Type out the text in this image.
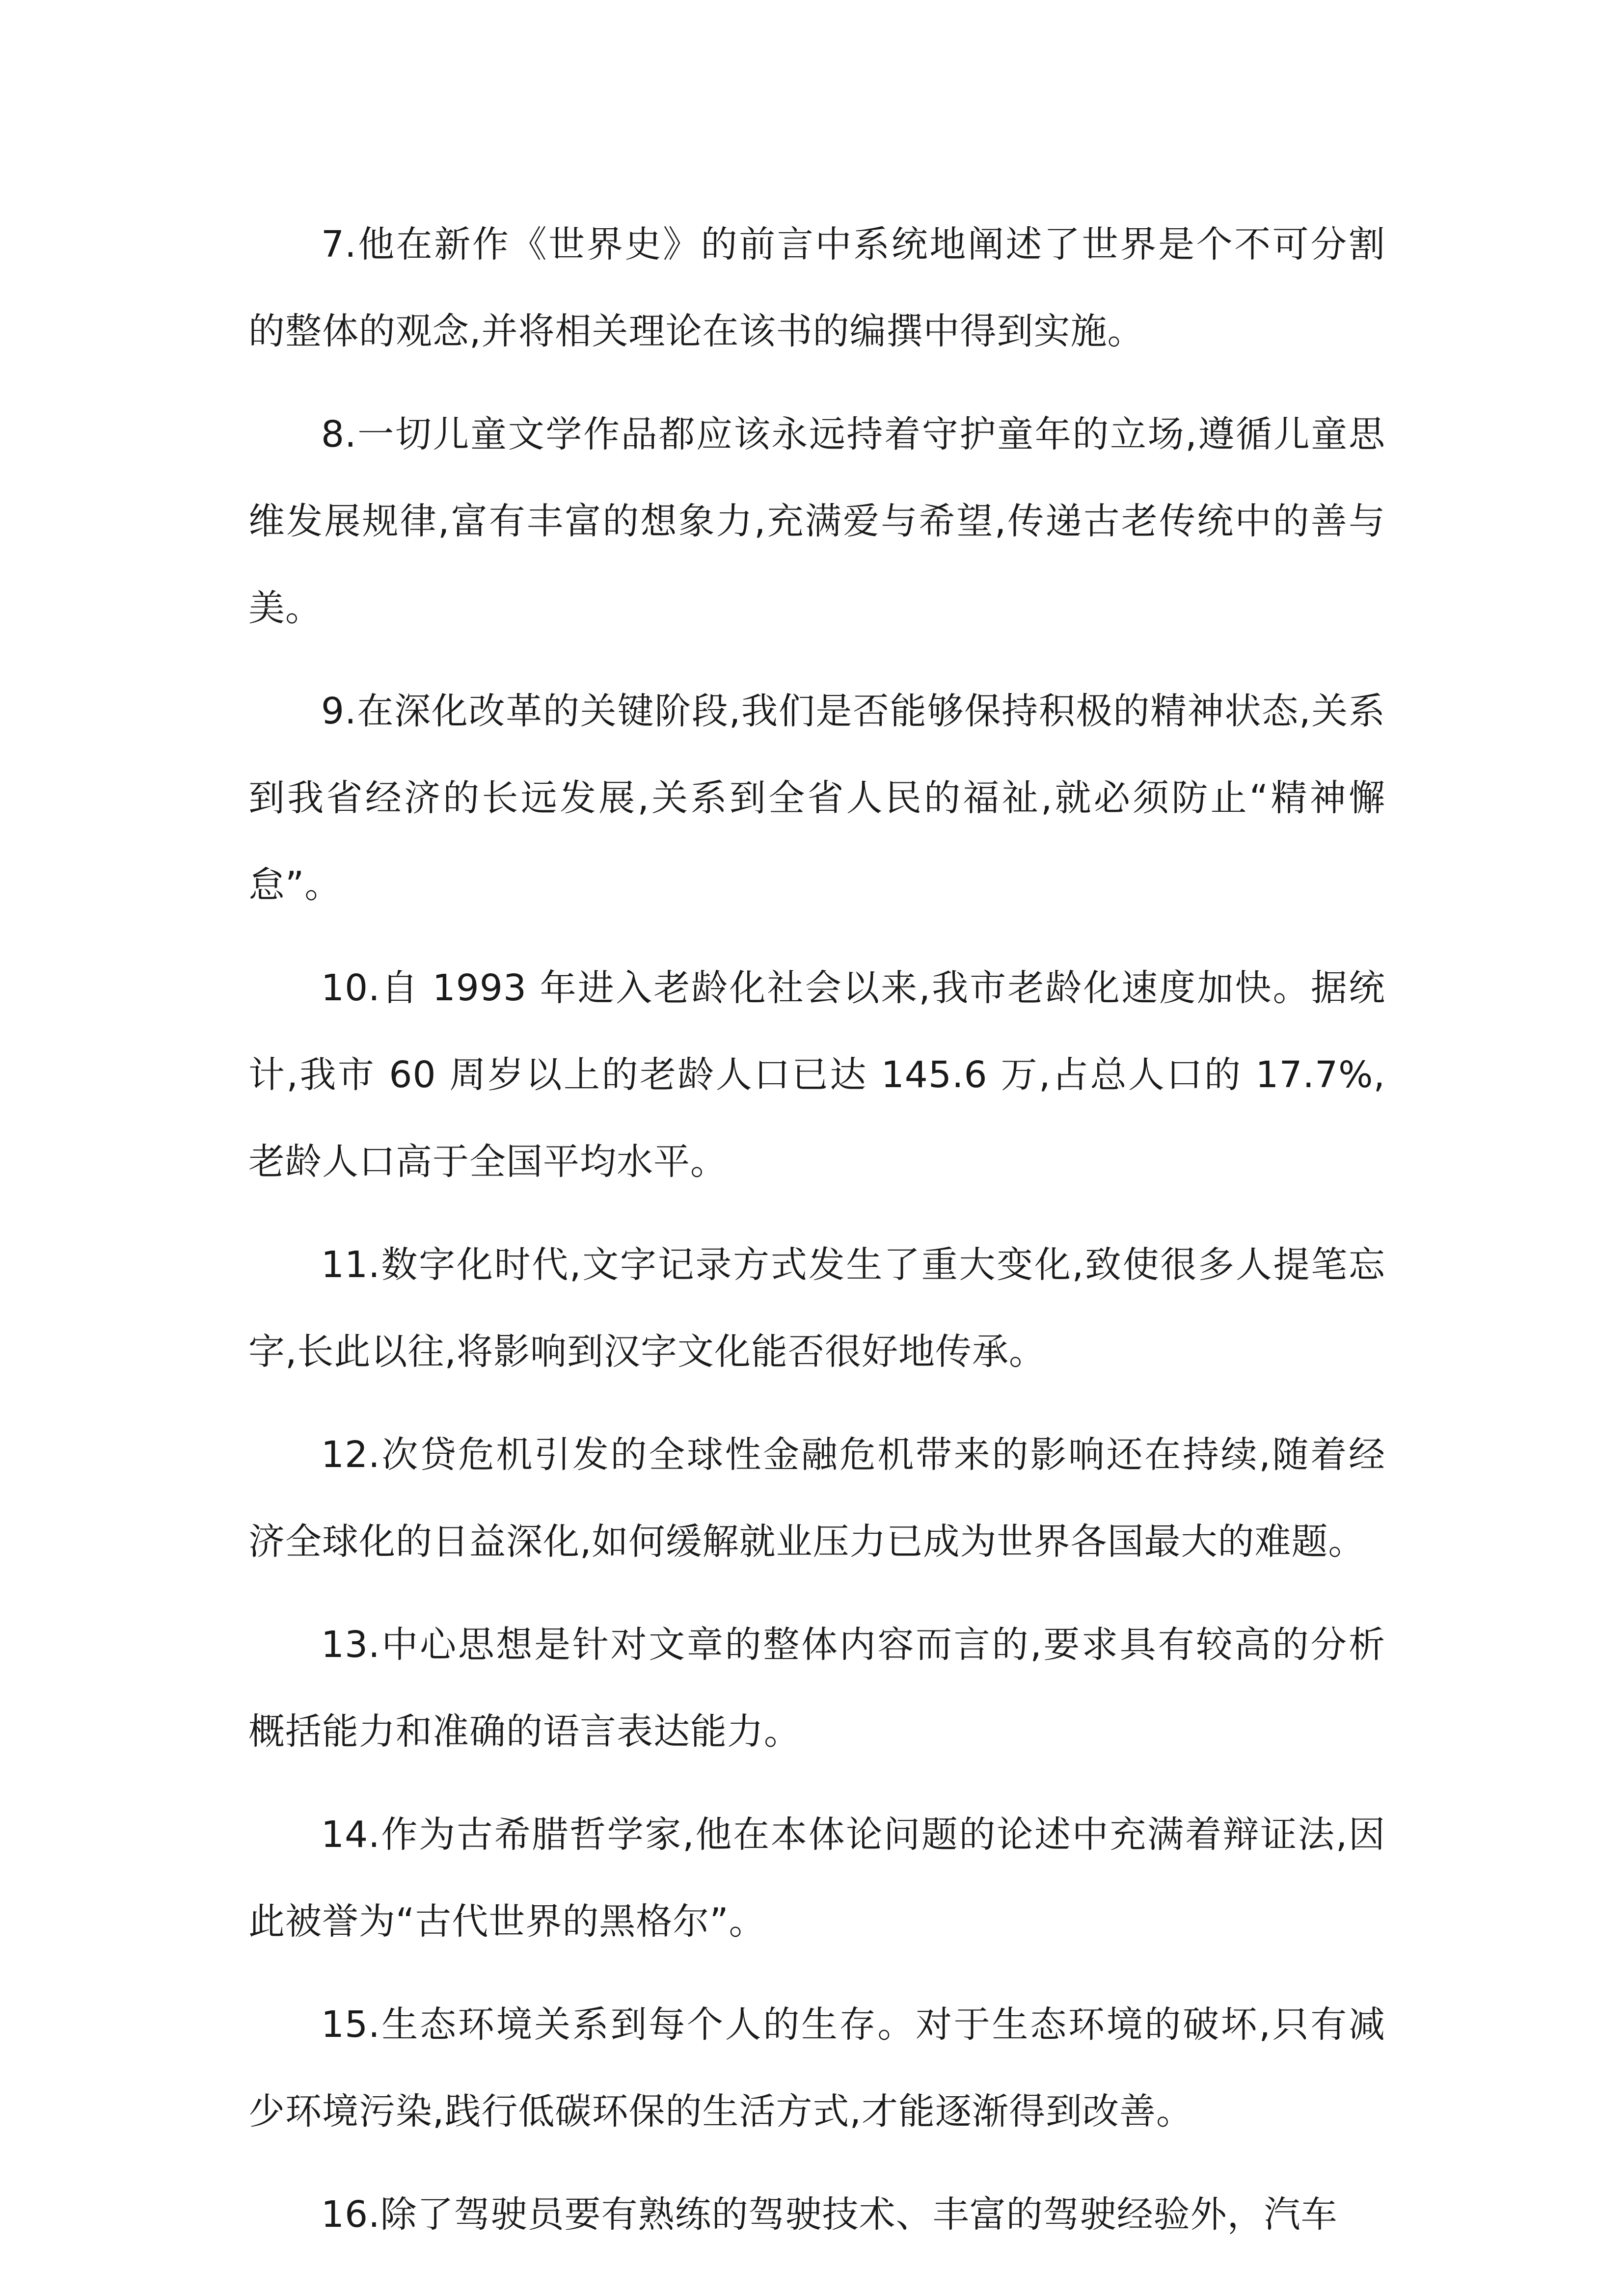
7.他在新作《世界史》的前言中系统地阐述了世界是个不可分割的整体的观念,并将相关理论在该书的编撰中得到实施。

8.一切儿童文学作品都应该永远持着守护童年的立场,遵循儿童思维发展规律,富有丰富的想象力,充满爱与希望,传递古老传统中的善与美。

9.在深化改革的关键阶段,我们是否能够保持积极的精神状态,关系到我省经济的长远发展,关系到全省人民的福祉,就必须防止“精神懈怠”。

10.自 1993 年进入老龄化社会以来,我市老龄化速度加快。据统计,我市 60 周岁以上的老龄人口已达 145.6 万,占总人口的 17.7%,老龄人口高于全国平均水平。

11.数字化时代,文字记录方式发生了重大变化,致使很多人提笔忘字,长此以往,将影响到汉字文化能否很好地传承。

12.次贷危机引发的全球性金融危机带来的影响还在持续,随着经济全球化的日益深化,如何缓解就业压力已成为世界各国最大的难题。

13.中心思想是针对文章的整体内容而言的,要求具有较高的分析概括能力和准确的语言表达能力。

14.作为古希腊哲学家,他在本体论问题的论述中充满着辩证法,因此被誉为“古代世界的黑格尔”。

15.生态环境关系到每个人的生存。对于生态环境的破坏,只有减少环境污染,践行低碳环保的生活方式,才能逐渐得到改善。

16.除了驾驶员要有熟练的驾驶技术、丰富的驾驶经验外，汽车
